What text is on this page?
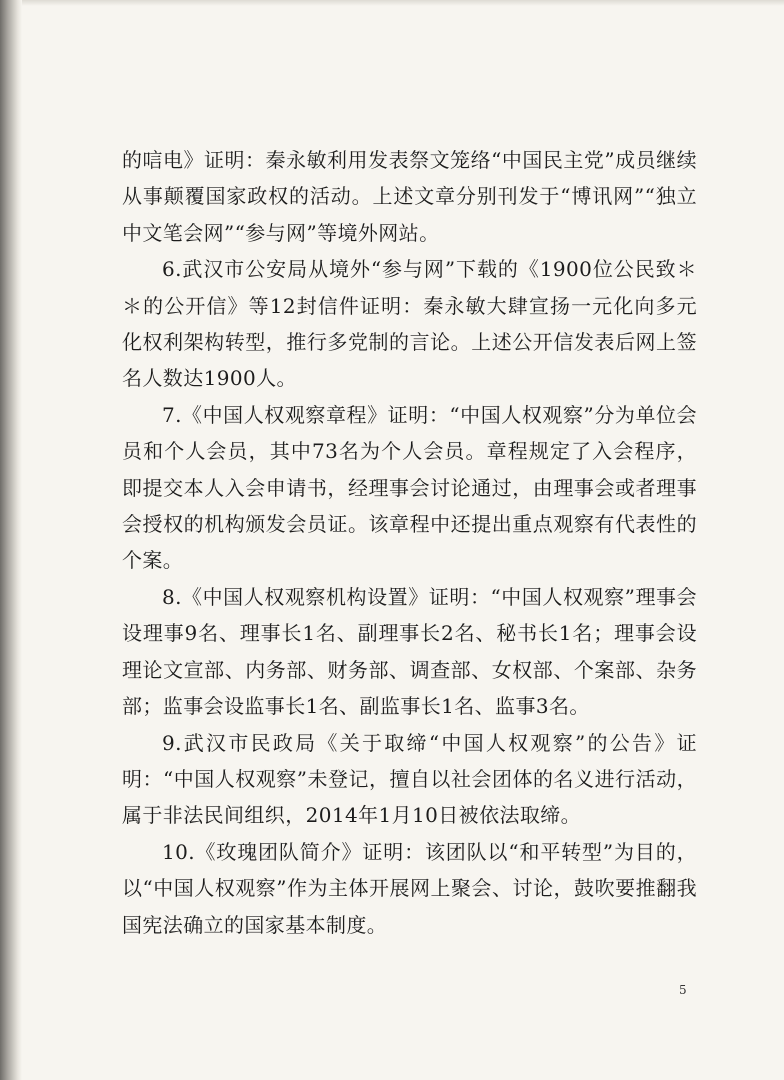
的唁电》证明：秦永敏利用发表祭文笼络“中国民主党”成员继续从事颠覆国家政权的活动。上述文章分别刊发于“博讯网”“独立中文笔会网”“参与网”等境外网站。

6.武汉市公安局从境外“参与网”下载的《1900位公民致＊＊的公开信》等12封信件证明：秦永敏大肆宣扬一元化向多元化权利架构转型，推行多党制的言论。上述公开信发表后网上签名人数达1900人。

7.《中国人权观察章程》证明：“中国人权观察”分为单位会员和个人会员，其中73名为个人会员。章程规定了入会程序，即提交本人入会申请书，经理事会讨论通过，由理事会或者理事会授权的机构颁发会员证。该章程中还提出重点观察有代表性的个案。

8.《中国人权观察机构设置》证明：“中国人权观察”理事会设理事9名、理事长1名、副理事长2名、秘书长1名；理事会设理论文宣部、内务部、财务部、调查部、女权部、个案部、杂务部；监事会设监事长1名、副监事长1名、监事3名。

9.武汉市民政局《关于取缔“中国人权观察”的公告》证明：“中国人权观察”未登记，擅自以社会团体的名义进行活动，属于非法民间组织，2014年1月10日被依法取缔。

10.《玫瑰团队简介》证明：该团队以“和平转型”为目的，以“中国人权观察”作为主体开展网上聚会、讨论，鼓吹要推翻我国宪法确立的国家基本制度。

5
